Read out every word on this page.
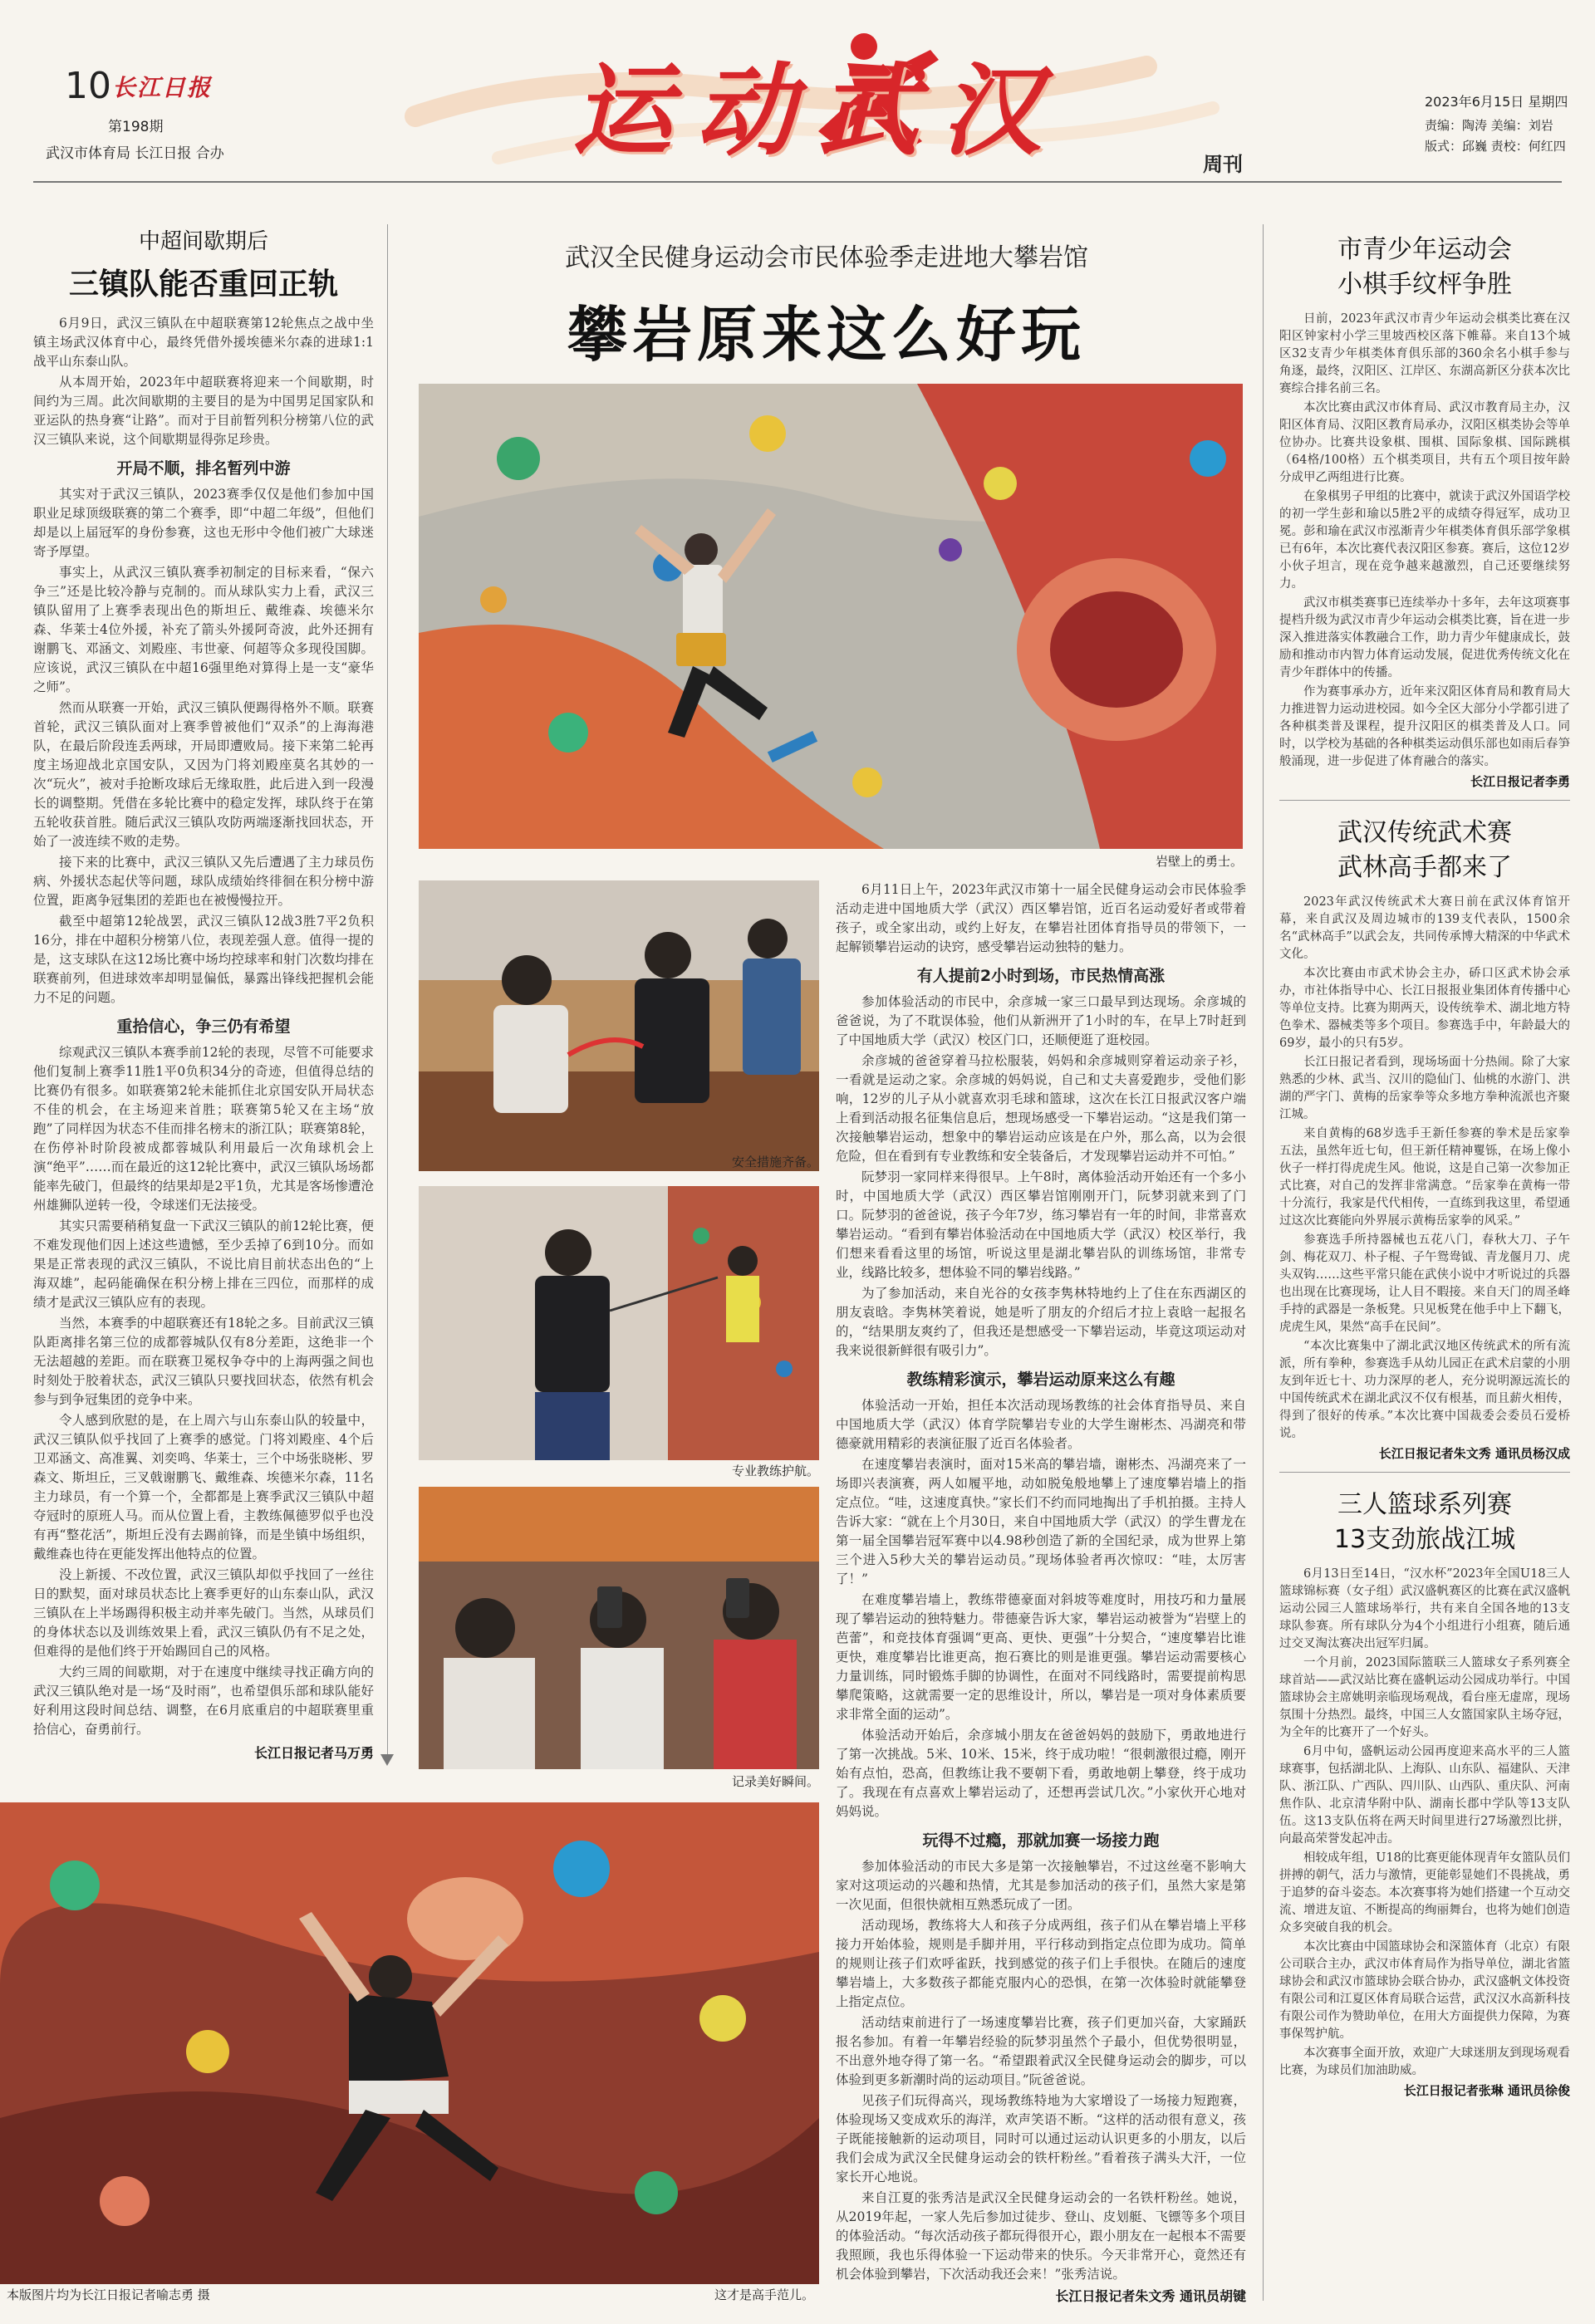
10 长江日报
第198期
武汉市体育局 长江日报 合办	运动武汉	周刊
2023年6月15日 星期四
责编：陶涛 美编：刘岩
版式：邱巍 责校：何红四
中超间歇期后
三镇队能否重回正轨

6月9日，武汉三镇队在中超联赛第12轮焦点之战中坐镇主场武汉体育中心，最终凭借外援埃德米尔森的进球1:1战平山东泰山队。

从本周开始，2023年中超联赛将迎来一个间歇期，时间约为三周。此次间歇期的主要目的是为中国男足国家队和亚运队的热身赛“让路”。而对于目前暂列积分榜第八位的武汉三镇队来说，这个间歇期显得弥足珍贵。

开局不顺，排名暂列中游

其实对于武汉三镇队，2023赛季仅仅是他们参加中国职业足球顶级联赛的第二个赛季，即“中超二年级”，但他们却是以上届冠军的身份参赛，这也无形中令他们被广大球迷寄予厚望。

事实上，从武汉三镇队赛季初制定的目标来看，“保六争三”还是比较冷静与克制的。而从球队实力上看，武汉三镇队留用了上赛季表现出色的斯坦丘、戴维森、埃德米尔森、华莱士4位外援，补充了箭头外援阿奇波，此外还拥有谢鹏飞、邓涵文、刘殿座、韦世豪、何超等众多现役国脚。应该说，武汉三镇队在中超16强里绝对算得上是一支“豪华之师”。

然而从联赛一开始，武汉三镇队便踢得格外不顺。联赛首轮，武汉三镇队面对上赛季曾被他们“双杀”的上海海港队，在最后阶段连丢两球，开局即遭败局。接下来第二轮再度主场迎战北京国安队，又因为门将刘殿座莫名其妙的一次“玩火”，被对手抢断攻球后无缘取胜，此后进入到一段漫长的调整期。凭借在多轮比赛中的稳定发挥，球队终于在第五轮收获首胜。随后武汉三镇队攻防两端逐渐找回状态，开始了一波连续不败的走势。

接下来的比赛中，武汉三镇队又先后遭遇了主力球员伤病、外援状态起伏等问题，球队成绩始终徘徊在积分榜中游位置，距离争冠集团的差距也在被慢慢拉开。

截至中超第12轮战罢，武汉三镇队12战3胜7平2负积16分，排在中超积分榜第八位，表现差强人意。值得一提的是，这支球队在这12场比赛中场均控球率和射门次数均排在联赛前列，但进球效率却明显偏低，暴露出锋线把握机会能力不足的问题。

重拾信心，争三仍有希望

综观武汉三镇队本赛季前12轮的表现，尽管不可能要求他们复制上赛季11胜1平0负积34分的奇迹，但值得总结的比赛仍有很多。如联赛第2轮未能抓住北京国安队开局状态不佳的机会，在主场迎来首胜；联赛第5轮又在主场“放跑”了同样因为状态不佳而排名榜末的浙江队；联赛第8轮，在伤停补时阶段被成都蓉城队利用最后一次角球机会上演“绝平”……而在最近的这12轮比赛中，武汉三镇队场场都能率先破门，但最终的结果却是2平1负，尤其是客场惨遭沧州雄狮队逆转一役，令球迷们无法接受。

其实只需要稍稍复盘一下武汉三镇队的前12轮比赛，便不难发现他们因上述这些遗憾，至少丢掉了6到10分。而如果是正常表现的武汉三镇队，不说比肩目前状态出色的“上海双雄”，起码能确保在积分榜上排在三四位，而那样的成绩才是武汉三镇队应有的表现。

当然，本赛季的中超联赛还有18轮之多。目前武汉三镇队距离排名第三位的成都蓉城队仅有8分差距，这绝非一个无法超越的差距。而在联赛卫冕权争夺中的上海两强之间也时刻处于胶着状态，武汉三镇队只要找回状态，依然有机会参与到争冠集团的竞争中来。

令人感到欣慰的是，在上周六与山东泰山队的较量中，武汉三镇队似乎找回了上赛季的感觉。门将刘殿座、4个后卫邓涵文、高准翼、刘奕鸣、华莱士，三个中场张晓彬、罗森文、斯坦丘，三叉戟谢鹏飞、戴维森、埃德米尔森，11名主力球员，有一个算一个，全都都是上赛季武汉三镇队中超夺冠时的原班人马。而从位置上看，主教练佩德罗似乎也没有再“整花活”，斯坦丘没有去踢前锋，而是坐镇中场组织，戴维森也待在更能发挥出他特点的位置。

没上新援、不改位置，武汉三镇队却似乎找回了一丝往日的默契，面对球员状态比上赛季更好的山东泰山队，武汉三镇队在上半场踢得积极主动并率先破门。当然，从球员们的身体状态以及训练效果上看，武汉三镇队仍有不足之处，但难得的是他们终于开始踢回自己的风格。

大约三周的间歇期，对于在速度中继续寻找正确方向的武汉三镇队绝对是一场“及时雨”，也希望俱乐部和球队能好好利用这段时间总结、调整，在6月底重启的中超联赛里重拾信心，奋勇前行。

长江日报记者马万勇
武汉全民健身运动会市民体验季走进地大攀岩馆
攀岩原来这么好玩
岩壁上的勇士。
安全措施齐备。
专业教练护航。
记录美好瞬间。
这才是高手范儿。
本版图片均为长江日报记者喻志勇 摄

6月11日上午，2023年武汉市第十一届全民健身运动会市民体验季活动走进中国地质大学（武汉）西区攀岩馆，近百名运动爱好者或带着孩子，或全家出动，或约上好友，在攀岩社团体育指导员的带领下，一起解锁攀岩运动的诀窍，感受攀岩运动独特的魅力。

有人提前2小时到场，市民热情高涨

参加体验活动的市民中，余彦城一家三口最早到达现场。余彦城的爸爸说，为了不耽误体验，他们从新洲开了1小时的车，在早上7时赶到了中国地质大学（武汉）校区门口，还顺便逛了逛校园。

余彦城的爸爸穿着马拉松服装，妈妈和余彦城则穿着运动亲子衫，一看就是运动之家。余彦城的妈妈说，自己和丈夫喜爱跑步，受他们影响，12岁的儿子从小就喜欢羽毛球和篮球，这次在长江日报武汉客户端上看到活动报名征集信息后，想现场感受一下攀岩运动。“这是我们第一次接触攀岩运动，想象中的攀岩运动应该是在户外，那么高，以为会很危险，但在看到有专业教练和安全装备后，才发现攀岩运动并不可怕。”

阮梦羽一家同样来得很早。上午8时，离体验活动开始还有一个多小时，中国地质大学（武汉）西区攀岩馆刚刚开门，阮梦羽就来到了门口。阮梦羽的爸爸说，孩子今年7岁，练习攀岩有一年的时间，非常喜欢攀岩运动。“看到有攀岩体验活动在中国地质大学（武汉）校区举行，我们想来看看这里的场馆，听说这里是湖北攀岩队的训练场馆，非常专业，线路比较多，想体验不同的攀岩线路。”

为了参加活动，来自光谷的女孩李隽林特地约上了住在东西湖区的朋友袁晗。李隽林笑着说，她是听了朋友的介绍后才拉上袁晗一起报名的，“结果朋友爽约了，但我还是想感受一下攀岩运动，毕竟这项运动对我来说很新鲜很有吸引力”。

教练精彩演示，攀岩运动原来这么有趣

体验活动一开始，担任本次活动现场教练的社会体育指导员、来自中国地质大学（武汉）体育学院攀岩专业的大学生谢彬杰、冯湖亮和带德豪就用精彩的表演征服了近百名体验者。

在速度攀岩表演时，面对15米高的攀岩墙，谢彬杰、冯湖亮来了一场即兴表演赛，两人如履平地，动如脱兔般地攀上了速度攀岩墙上的指定点位。“哇，这速度真快。”家长们不约而同地掏出了手机拍摄。主持人告诉大家：“就在上个月30日，来自中国地质大学（武汉）的学生曹龙在第一届全国攀岩冠军赛中以4.98秒创造了新的全国纪录，成为世界上第三个进入5秒大关的攀岩运动员。”现场体验者再次惊叹：“哇，太厉害了！”

在难度攀岩墙上，教练带德豪面对斜坡等难度时，用技巧和力量展现了攀岩运动的独特魅力。带德豪告诉大家，攀岩运动被誉为“岩壁上的芭蕾”，和竞技体育强调“更高、更快、更强”十分契合，“速度攀岩比谁更快，难度攀岩比谁更高，抱石赛比的则是谁更强。攀岩运动需要核心力量训练，同时锻炼手脚的协调性，在面对不同线路时，需要提前构思攀爬策略，这就需要一定的思维设计，所以，攀岩是一项对身体素质要求非常全面的运动”。

体验活动开始后，余彦城小朋友在爸爸妈妈的鼓励下，勇敢地进行了第一次挑战。5米、10米、15米，终于成功啦！“很刺激很过瘾，刚开始有点怕，恐高，但教练让我不要朝下看，勇敢地朝上攀登，终于成功了。我现在有点喜欢上攀岩运动了，还想再尝试几次。”小家伙开心地对妈妈说。

玩得不过瘾，那就加赛一场接力跑

参加体验活动的市民大多是第一次接触攀岩，不过这丝毫不影响大家对这项运动的兴趣和热情，尤其是参加活动的孩子们，虽然大家是第一次见面，但很快就相互熟悉玩成了一团。

活动现场，教练将大人和孩子分成两组，孩子们从在攀岩墙上平移接力开始体验，规则是手脚并用，平行移动到指定点位即为成功。简单的规则让孩子们欢呼雀跃，找到感觉的孩子们上手很快。在随后的速度攀岩墙上，大多数孩子都能克服内心的恐惧，在第一次体验时就能攀登上指定点位。

活动结束前进行了一场速度攀岩比赛，孩子们更加兴奋，大家踊跃报名参加。有着一年攀岩经验的阮梦羽虽然个子最小，但优势很明显，不出意外地夺得了第一名。“希望跟着武汉全民健身运动会的脚步，可以体验到更多新潮时尚的运动项目。”阮爸爸说。

见孩子们玩得高兴，现场教练特地为大家增设了一场接力短跑赛，体验现场又变成欢乐的海洋，欢声笑语不断。“这样的活动很有意义，孩子既能接触新的运动项目，同时可以通过运动认识更多的小朋友，以后我们会成为武汉全民健身运动会的铁杆粉丝。”看着孩子满头大汗，一位家长开心地说。

来自江夏的张秀洁是武汉全民健身运动会的一名铁杆粉丝。她说，从2019年起，一家人先后参加过徒步、登山、皮划艇、飞镖等多个项目的体验活动。“每次活动孩子都玩得很开心，跟小朋友在一起根本不需要我照顾，我也乐得体验一下运动带来的快乐。今天非常开心，竟然还有机会体验到攀岩，下次活动我还会来！”张秀洁说。

长江日报记者朱文秀 通讯员胡键
市青少年运动会
小棋手纹枰争胜

日前，2023年武汉市青少年运动会棋类比赛在汉阳区钟家村小学三里坡西校区落下帷幕。来自13个城区32支青少年棋类体育俱乐部的360余名小棋手参与角逐，最终，汉阳区、江岸区、东湖高新区分获本次比赛综合排名前三名。

本次比赛由武汉市体育局、武汉市教育局主办，汉阳区体育局、汉阳区教育局承办，汉阳区棋类协会等单位协办。比赛共设象棋、围棋、国际象棋、国际跳棋（64格/100格）五个棋类项目，共有五个项目按年龄分成甲乙两组进行比赛。

在象棋男子甲组的比赛中，就读于武汉外国语学校的初一学生彭和瑜以5胜2平的成绩夺得冠军，成功卫冕。彭和瑜在武汉市泓渐青少年棋类体育俱乐部学象棋已有6年，本次比赛代表汉阳区参赛。赛后，这位12岁小伙子坦言，现在竞争越来越激烈，自己还要继续努力。

武汉市棋类赛事已连续举办十多年，去年这项赛事提档升级为武汉市青少年运动会棋类比赛，旨在进一步深入推进落实体教融合工作，助力青少年健康成长，鼓励和推动市内智力体育运动发展，促进优秀传统文化在青少年群体中的传播。

作为赛事承办方，近年来汉阳区体育局和教育局大力推进智力运动进校园。如今全区大部分小学都引进了各种棋类普及课程，提升汉阳区的棋类普及人口。同时，以学校为基础的各种棋类运动俱乐部也如雨后春笋般涌现，进一步促进了体育融合的落实。

长江日报记者李勇
武汉传统武术赛
武林高手都来了

2023年武汉传统武术大赛日前在武汉体育馆开幕，来自武汉及周边城市的139支代表队，1500余名“武林高手”以武会友，共同传承博大精深的中华武术文化。

本次比赛由市武术协会主办，硚口区武术协会承办，市社体指导中心、长江日报报业集团体育传播中心等单位支持。比赛为期两天，设传统拳术、湖北地方特色拳术、器械类等多个项目。参赛选手中，年龄最大的69岁，最小的只有5岁。

长江日报记者看到，现场场面十分热闹。除了大家熟悉的少林、武当、汉川的隐仙门、仙桃的水游门、洪湖的严字门、黄梅的岳家拳等众多地方拳种流派也齐聚江城。

来自黄梅的68岁选手王新任参赛的拳术是岳家拳五法，虽然年近七旬，但王新任精神矍铄，在场上像小伙子一样打得虎虎生风。他说，这是自己第一次参加正式比赛，对自己的发挥非常满意。“岳家拳在黄梅一带十分流行，我家是代代相传，一直练到我这里，希望通过这次比赛能向外界展示黄梅岳家拳的风采。”

参赛选手所持器械也五花八门，春秋大刀、子午剑、梅花双刀、朴子棍、子午鸳鸯钺、青龙偃月刀、虎头双钩……这些平常只能在武侠小说中才听说过的兵器也出现在比赛现场，让人目不暇接。来自天门的周圣峰手持的武器是一条板凳。只见板凳在他手中上下翻飞，虎虎生风，果然“高手在民间”。

“本次比赛集中了湖北武汉地区传统武术的所有流派，所有拳种，参赛选手从幼儿园正在武术启蒙的小朋友到年近七十、功力深厚的老人，充分说明源远流长的中国传统武术在湖北武汉不仅有根基，而且薪火相传，得到了很好的传承。”本次比赛中国裁委会委员石爱桥说。

长江日报记者朱文秀 通讯员杨汉成
三人篮球系列赛
13支劲旅战江城

6月13日至14日，“汉水杯”2023年全国U18三人篮球锦标赛（女子组）武汉盛帆赛区的比赛在武汉盛帆运动公园三人篮球场举行，共有来自全国各地的13支球队参赛。所有球队分为4个小组进行小组赛，随后通过交叉淘汰赛决出冠军归属。

一个月前，2023国际篮联三人篮球女子系列赛全球首站——武汉站比赛在盛帆运动公园成功举行。中国篮球协会主席姚明亲临现场观战，看台座无虚席，现场氛围十分热烈。最终，中国三人女篮国家队主场夺冠，为全年的比赛开了一个好头。

6月中旬，盛帆运动公园再度迎来高水平的三人篮球赛事，包括湖北队、上海队、山东队、福建队、天津队、浙江队、广西队、四川队、山西队、重庆队、河南焦作队、北京清华附中队、湖南长郡中学队等13支队伍。这13支队伍将在两天时间里进行27场激烈比拼，向最高荣誉发起冲击。

相较成年组，U18的比赛更能体现青年女篮队员们拼搏的朝气，活力与激情，更能彰显她们不畏挑战，勇于追梦的奋斗姿态。本次赛事将为她们搭建一个互动交流、增进友谊、不断提高的绚丽舞台，也将为她们创造众多突破自我的机会。

本次比赛由中国篮球协会和深篮体育（北京）有限公司联合主办，武汉市体育局作为指导单位，湖北省篮球协会和武汉市篮球协会联合协办，武汉盛帆文体投资有限公司和江夏区体育局联合运营，武汉汉水高新科技有限公司作为赞助单位，在用大方面提供力保障，为赛事保驾护航。

本次赛事全面开放，欢迎广大球迷朋友到现场观看比赛，为球员们加油助威。

长江日报记者张琳 通讯员徐俊
